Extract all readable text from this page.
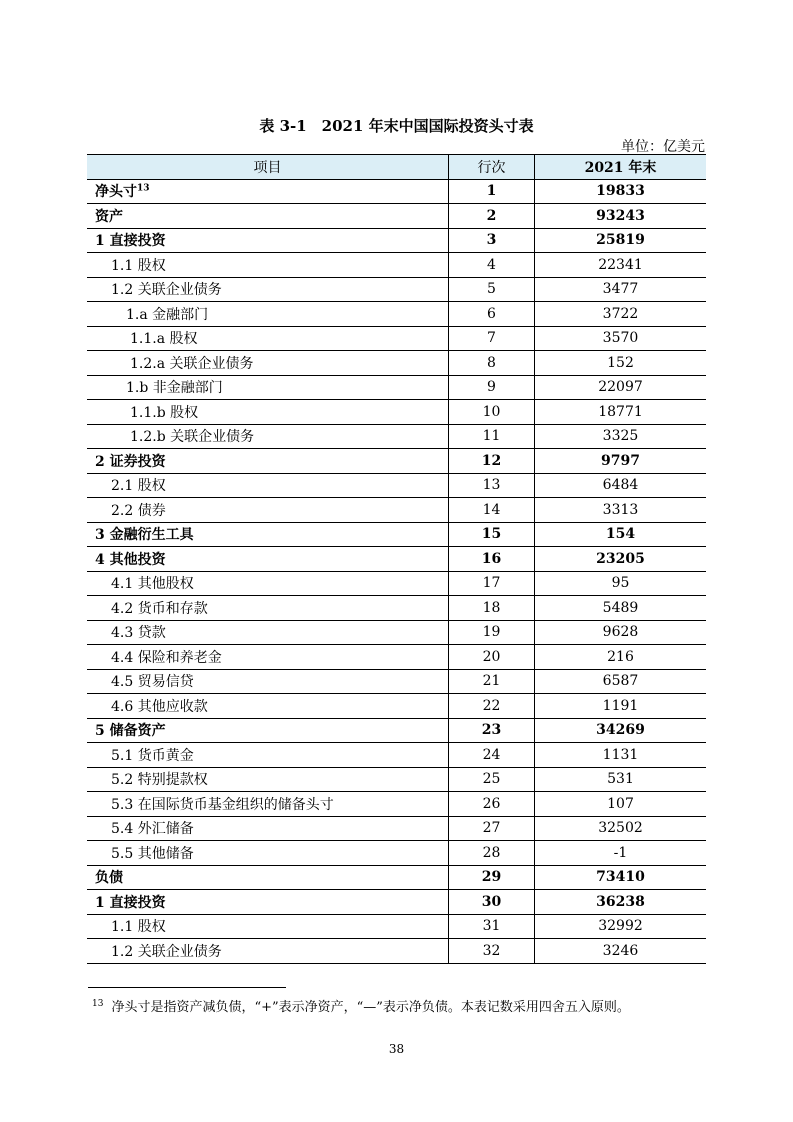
表 3-1　2021 年末中国国际投资头寸表
单位：亿美元
项目	行次	2021 年末
净头寸$^{13}$	1	19833
资产	2	93243
1 直接投资	3	25819
1.1 股权	4	22341
1.2 关联企业债务	5	3477
1.a 金融部门	6	3722
1.1.a 股权	7	3570
1.2.a 关联企业债务	8	152
1.b 非金融部门	9	22097
1.1.b 股权	10	18771
1.2.b 关联企业债务	11	3325
2 证券投资	12	9797
2.1 股权	13	6484
2.2 债券	14	3313
3 金融衍生工具	15	154
4 其他投资	16	23205
4.1 其他股权	17	95
4.2 货币和存款	18	5489
4.3 贷款	19	9628
4.4 保险和养老金	20	216
4.5 贸易信贷	21	6587
4.6 其他应收款	22	1191
5 储备资产	23	34269
5.1 货币黄金	24	1131
5.2 特别提款权	25	531
5.3 在国际货币基金组织的储备头寸	26	107
5.4 外汇储备	27	32502
5.5 其他储备	28	-1
负债	29	73410
1 直接投资	30	36238
1.1 股权	31	32992
1.2 关联企业债务	32	3246
$^{13}$ 净头寸是指资产减负债，“+”表示净资产，“—”表示净负债。本表记数采用四舍五入原则。
38
